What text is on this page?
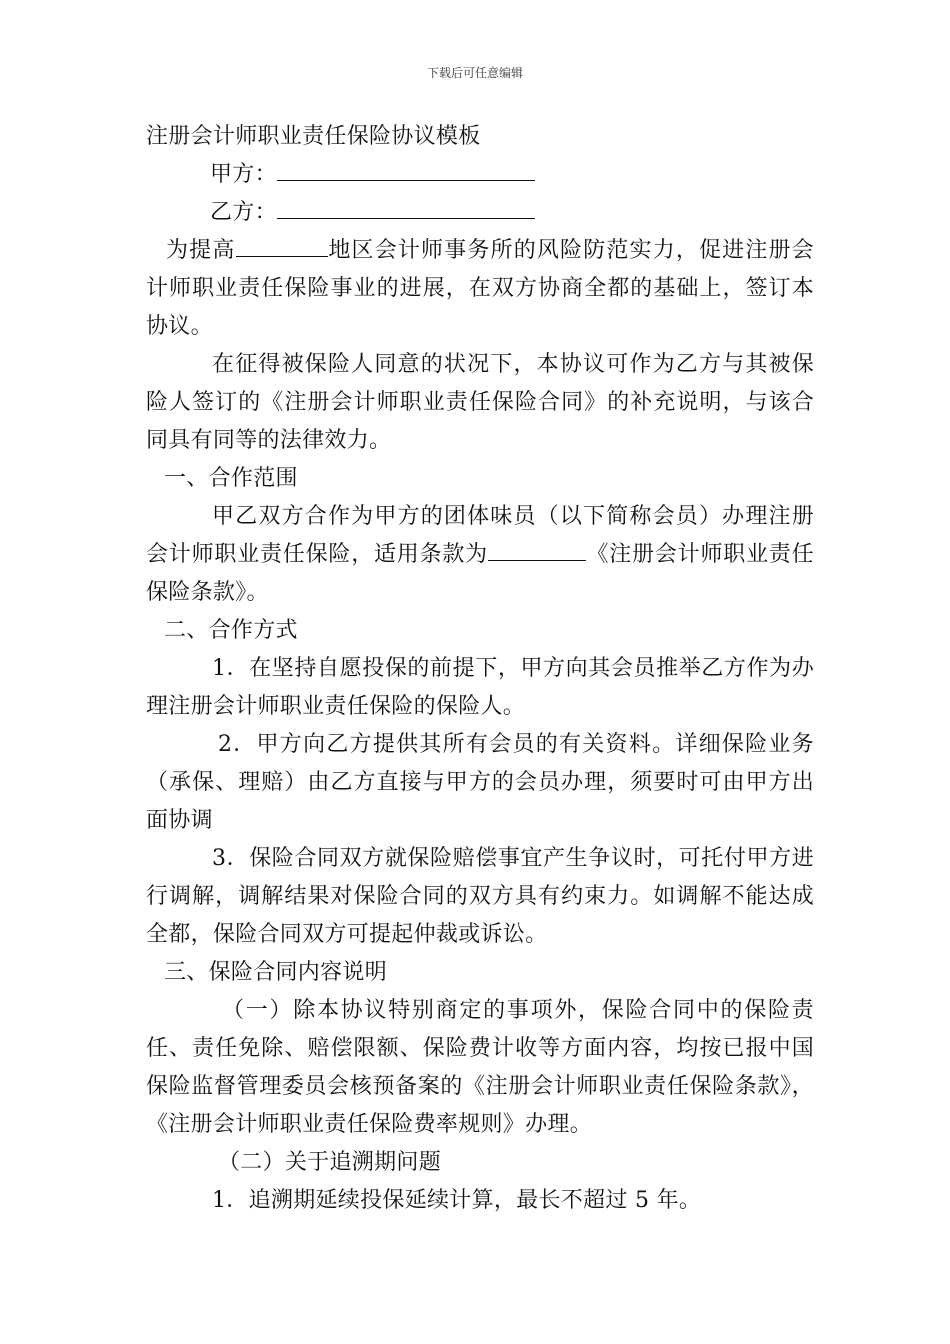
下载后可任意编辑

注册会计师职业责任保险协议模板

甲方：

乙方：

为提高	地区会计师事务所的风险防范实力，促进注册会计师职业责任保险事业的进展，在双方协商全都的基础上，签订本协议。

在征得被保险人同意的状况下，本协议可作为乙方与其被保险人签订的《注册会计师职业责任保险合同》的补充说明，与该合同具有同等的法律效力。

一、合作范围

甲乙双方合作为甲方的团体味员（以下简称会员）办理注册会计师职业责任保险，适用条款为	《注册会计师职业责任保险条款》。

二、合作方式

1．在坚持自愿投保的前提下，甲方向其会员推举乙方作为办理注册会计师职业责任保险的保险人。

2．甲方向乙方提供其所有会员的有关资料。详细保险业务（承保、理赔）由乙方直接与甲方的会员办理，须要时可由甲方出面协调

3．保险合同双方就保险赔偿事宜产生争议时，可托付甲方进行调解，调解结果对保险合同的双方具有约束力。如调解不能达成全都，保险合同双方可提起仲裁或诉讼。

三、保险合同内容说明

（一）除本协议特别商定的事项外，保险合同中的保险责任、责任免除、赔偿限额、保险费计收等方面内容，均按已报中国保险监督管理委员会核预备案的《注册会计师职业责任保险条款》，《注册会计师职业责任保险费率规则》办理。

（二）关于追溯期问题

1．追溯期延续投保延续计算，最长不超过 5 年。
